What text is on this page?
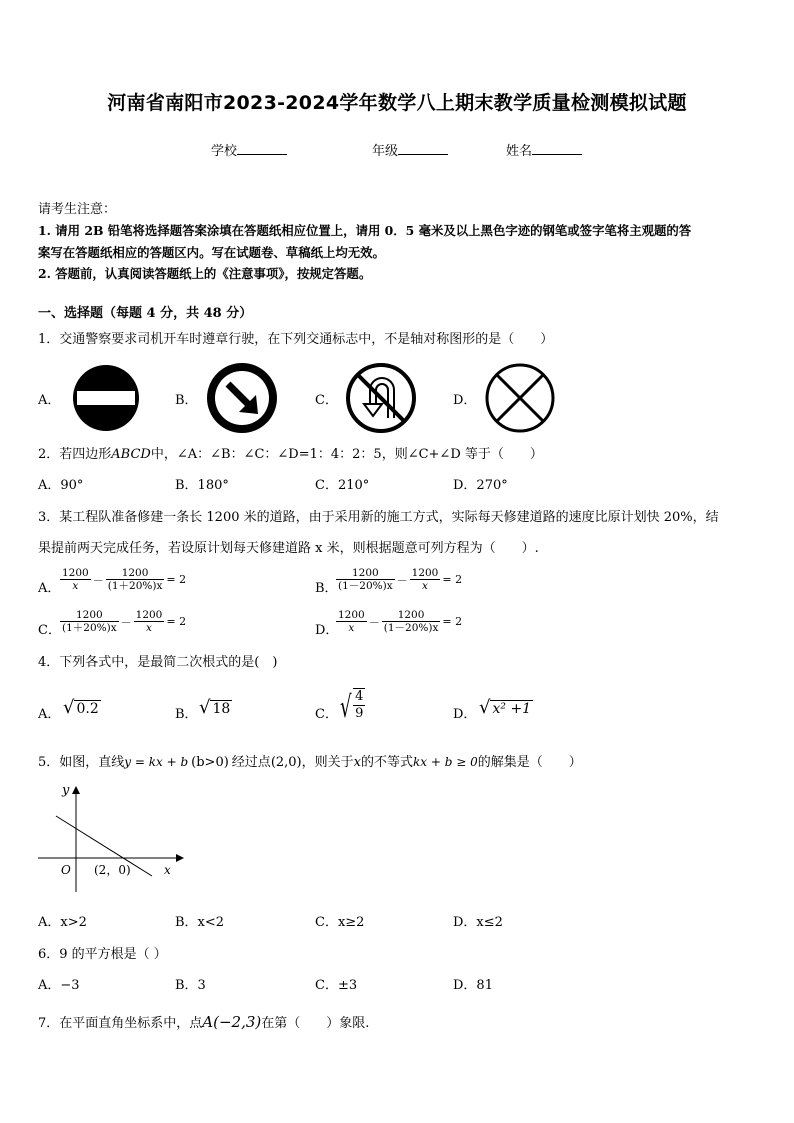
河南省南阳市2023-2024学年数学八上期末教学质量检测模拟试题
学校	年级	姓名
请考生注意：
1. 请用 2B 铅笔将选择题答案涂填在答题纸相应位置上，请用 0．5 毫米及以上黑色字迹的钢笔或签字笔将主观题的答
案写在答题纸相应的答题区内。写在试题卷、草稿纸上均无效。
2. 答题前，认真阅读答题纸上的《注意事项》，按规定答题。
一、选择题（每题 4 分，共 48 分）
1．交通警察要求司机开车时遵章行驶，在下列交通标志中，不是轴对称图形的是（　　）
A．	B．	C．	D．
2．若四边形ABCD中，∠A：∠B：∠C：∠D=1：4：2：5，则∠C+∠D 等于（　　）
A．90°	B．180°	C．210°	D．270°
3．某工程队准备修建一条长 1200 米的道路，由于采用新的施工方式，实际每天修建道路的速度比原计划快 20%，结
果提前两天完成任务，若设原计划每天修建道路 x 米，则根据题意可列方程为（　　）.
A． $\frac{1200}{x} - \frac{1200}{(1+20\%)x} = 2$
B．
$\frac{1200}{(1-20\%)x} - \frac{1200}{x} = 2$
C． $\frac{1200}{(1+20\%)x} - \frac{1200}{x} = 2$
D．
$\frac{1200}{x} - \frac{1200}{(1-20\%)x} = 2$
4．下列各式中，是最简二次根式的是(　)
A． √ 0.2	B． √ 18	C． √ $\frac{4}{9}$	D． √ x² +1
5．如图，直线y = kx + b (b>0) 经过点(2,0)，则关于x的不等式kx + b ≥ 0的解集是（　　）
y
x
O (2，0)
A．x>2	B．x<2	C．x≥2	D．x≤2
6．9 的平方根是（ ）
A．−3	B．3	C．±3	D．81
7．在平面直角坐标系中，点A(−2,3)在第（　　）象限.
